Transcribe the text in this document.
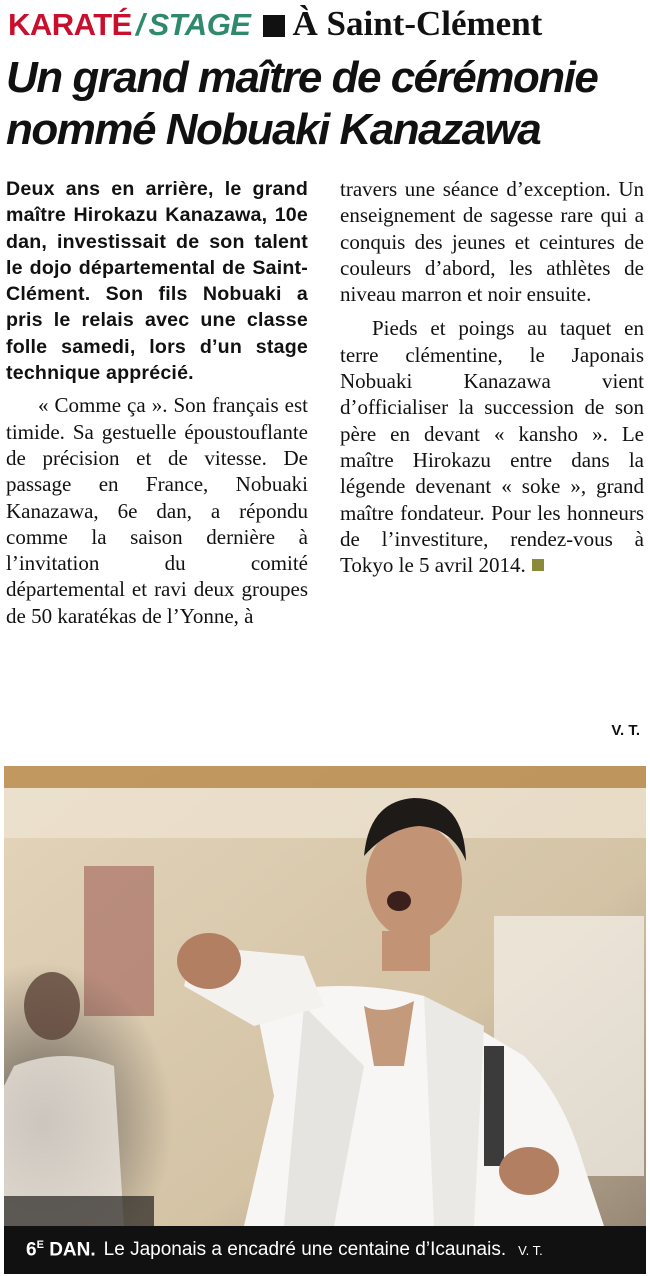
KARATÉ / STAGE À Saint-Clément
Un grand maître de cérémonie nommé Nobuaki Kanazawa

Deux ans en arrière, le grand maître Hirokazu Kanazawa, 10e dan, investissait de son talent le dojo départemental de Saint-Clément. Son fils Nobuaki a pris le relais avec une classe folle samedi, lors d’un stage technique apprécié.

« Comme ça ». Son français est timide. Sa gestuelle époustouflante de précision et de vitesse. De passage en France, Nobuaki Kanazawa, 6e dan, a répondu comme la saison dernière à l’invitation du comité départemental et ravi deux groupes de 50 karatékas de l’Yonne, à

travers une séance d’exception. Un enseignement de sagesse rare qui a conquis des jeunes et ceintures de couleurs d’abord, les athlètes de niveau marron et noir ensuite.

Pieds et poings au taquet en terre clémentine, le Japonais Nobuaki Kanazawa vient d’officialiser la succession de son père en devant « kansho ». Le maître Hirokazu entre dans la légende devenant « soke », grand maître fondateur. Pour les honneurs de l’investiture, rendez-vous à Tokyo le 5 avril 2014.

V. T.
$6^E$ DAN. Le Japonais a encadré une centaine d’Icaunais. V. T.
